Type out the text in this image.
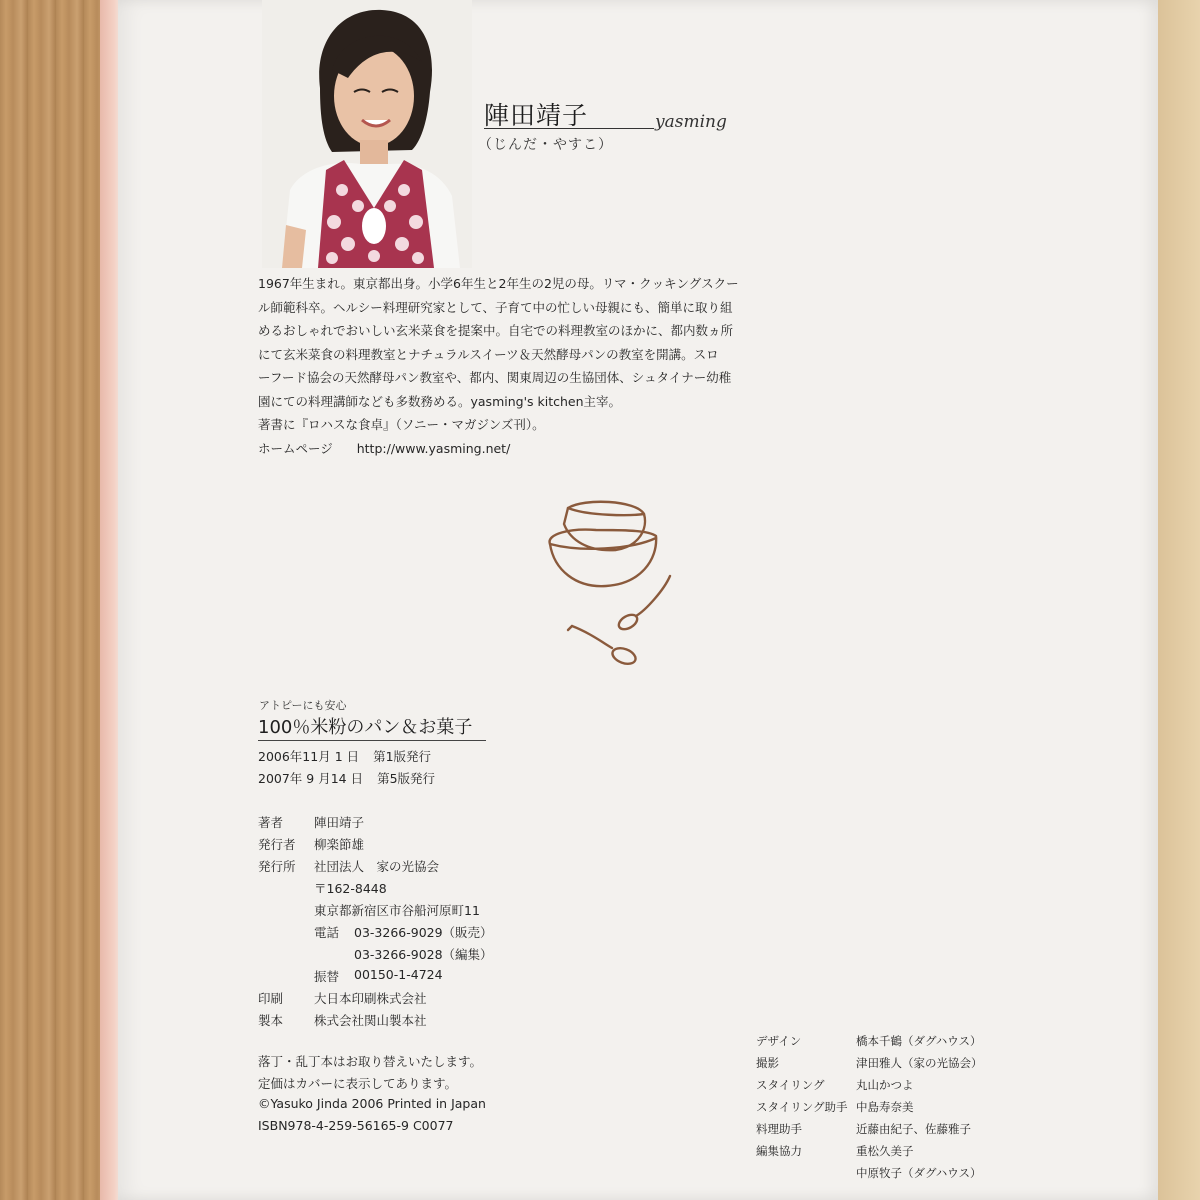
陣田靖子	yasming
（じんだ・やすこ）

1967年生まれ。東京都出身。小学6年生と2年生の2児の母。リマ・クッキングスクー

ル師範科卒。ヘルシー料理研究家として、子育て中の忙しい母親にも、簡単に取り組

めるおしゃれでおいしい玄米菜食を提案中。自宅での料理教室のほかに、都内数ヵ所

にて玄米菜食の料理教室とナチュラルスイーツ＆天然酵母パンの教室を開講。スロ

ーフード協会の天然酵母パン教室や、都内、関東周辺の生協団体、シュタイナー幼稚

園にての料理講師なども多数務める。yasming's kitchen主宰。

著書に『ロハスな食卓』（ソニー・マガジンズ刊）。

ホームページ http://www.yasming.net/

アトピーにも安心
100％米粉のパン＆お菓子
2006年11月 1 日 第1版発行
2007年 9 月14 日 第5版発行
著者 陣田靖子
発行者 柳楽節雄
発行所 社団法人　家の光協会
〒162-8448
東京都新宿区市谷船河原町11
電話 03-3266-9029（販売）
03-3266-9028（編集）
振替 00150-1-4724
印刷 大日本印刷株式会社
製本 株式会社関山製本社
落丁・乱丁本はお取り替えいたします。
定価はカバーに表示してあります。
©Yasuko Jinda 2006 Printed in Japan
ISBN978-4-259-56165-9 C0077
デザイン	橋本千鶴（ダグハウス）
撮影	津田雅人（家の光協会）
スタイリング	丸山かつよ
スタイリング助手 中島寿奈美
料理助手	近藤由紀子、佐藤雅子
編集協力	重松久美子
中原牧子（ダグハウス）
